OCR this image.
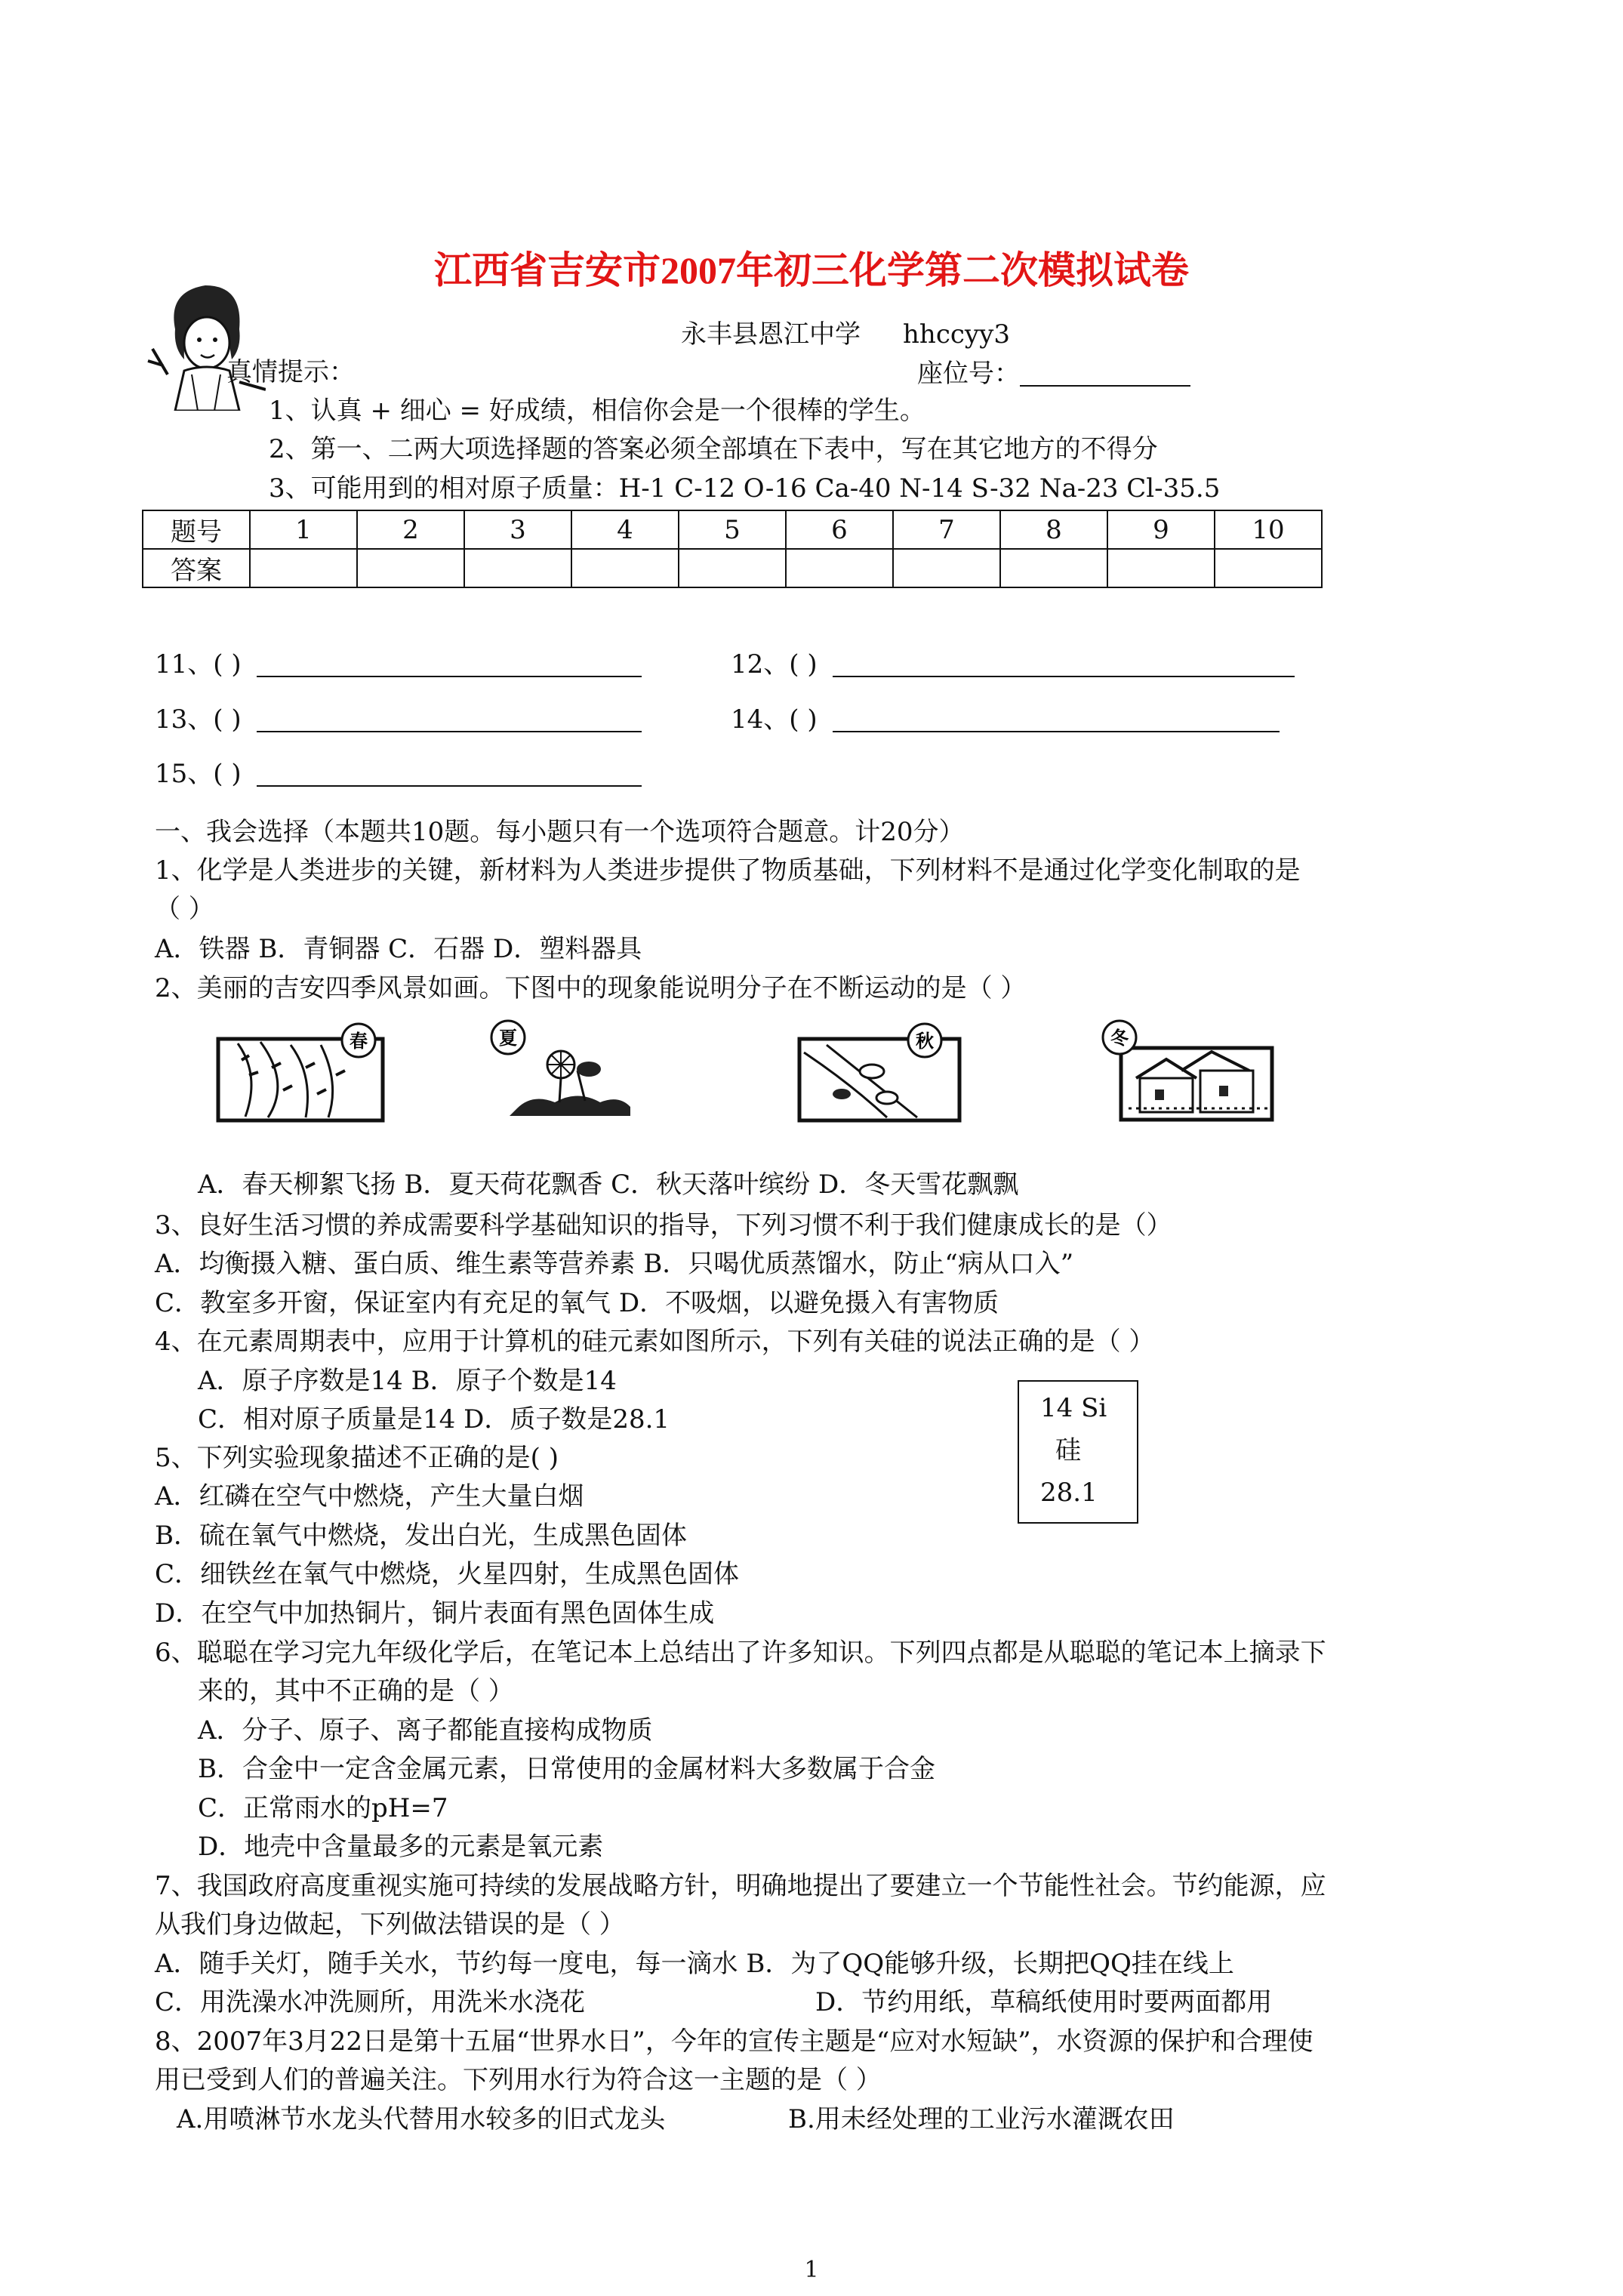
江西省吉安市2007年初三化学第二次模拟试卷
永丰县恩江中学 hhccyy3
真情提示：	座位号：
1、认真 + 细心 = 好成绩，相信你会是一个很棒的学生。
2、第一、二两大项选择题的答案必须全部填在下表中，写在其它地方的不得分
3、可能用到的相对原子质量：H-1 C-12 O-16 Ca-40 N-14 S-32 Na-23 Cl-35.5
题号	1	2	3	4	5	6	7	8	9	10
答案										
11、( )	12、( )
13、( )	14、( )
15、( )
一、我会选择（本题共10题。每小题只有一个选项符合题意。计20分）
1、化学是人类进步的关键，新材料为人类进步提供了物质基础，下列材料不是通过化学变化制取的是
（ ）
A．铁器 B．青铜器 C．石器 D．塑料器具
2、美丽的吉安四季风景如画。下图中的现象能说明分子在不断运动的是（ ）
春	夏	秋	冬
A．春天柳絮飞扬 B．夏天荷花飘香 C．秋天落叶缤纷 D．冬天雪花飘飘
3、良好生活习惯的养成需要科学基础知识的指导，下列习惯不利于我们健康成长的是（）
A．均衡摄入糖、蛋白质、维生素等营养素 B．只喝优质蒸馏水，防止“病从口入”
C．教室多开窗，保证室内有充足的氧气 D．不吸烟，以避免摄入有害物质
4、在元素周期表中，应用于计算机的硅元素如图所示，下列有关硅的说法正确的是（ ）
A．原子序数是14 B．原子个数是14
C．相对原子质量是14 D．质子数是28.1	14 Si
硅
28.1
5、下列实验现象描述不正确的是( )
A．红磷在空气中燃烧，产生大量白烟
B．硫在氧气中燃烧，发出白光，生成黑色固体
C．细铁丝在氧气中燃烧，火星四射，生成黑色固体
D．在空气中加热铜片，铜片表面有黑色固体生成
6、聪聪在学习完九年级化学后，在笔记本上总结出了许多知识。下列四点都是从聪聪的笔记本上摘录下
来的，其中不正确的是（ ）
A．分子、原子、离子都能直接构成物质
B．合金中一定含金属元素，日常使用的金属材料大多数属于合金
C．正常雨水的pH=7
D．地壳中含量最多的元素是氧元素
7、我国政府高度重视实施可持续的发展战略方针，明确地提出了要建立一个节能性社会。节约能源，应
从我们身边做起，下列做法错误的是（ ）
A．随手关灯，随手关水，节约每一度电，每一滴水 B．为了QQ能够升级，长期把QQ挂在线上
C．用洗澡水冲洗厕所，用洗米水浇花	D．节约用纸，草稿纸使用时要两面都用
8、2007年3月22日是第十五届“世界水日”，今年的宣传主题是“应对水短缺”，水资源的保护和合理使
用已受到人们的普遍关注。下列用水行为符合这一主题的是（ ）
A.用喷淋节水龙头代替用水较多的旧式龙头	B.用未经处理的工业污水灌溉农田
1
